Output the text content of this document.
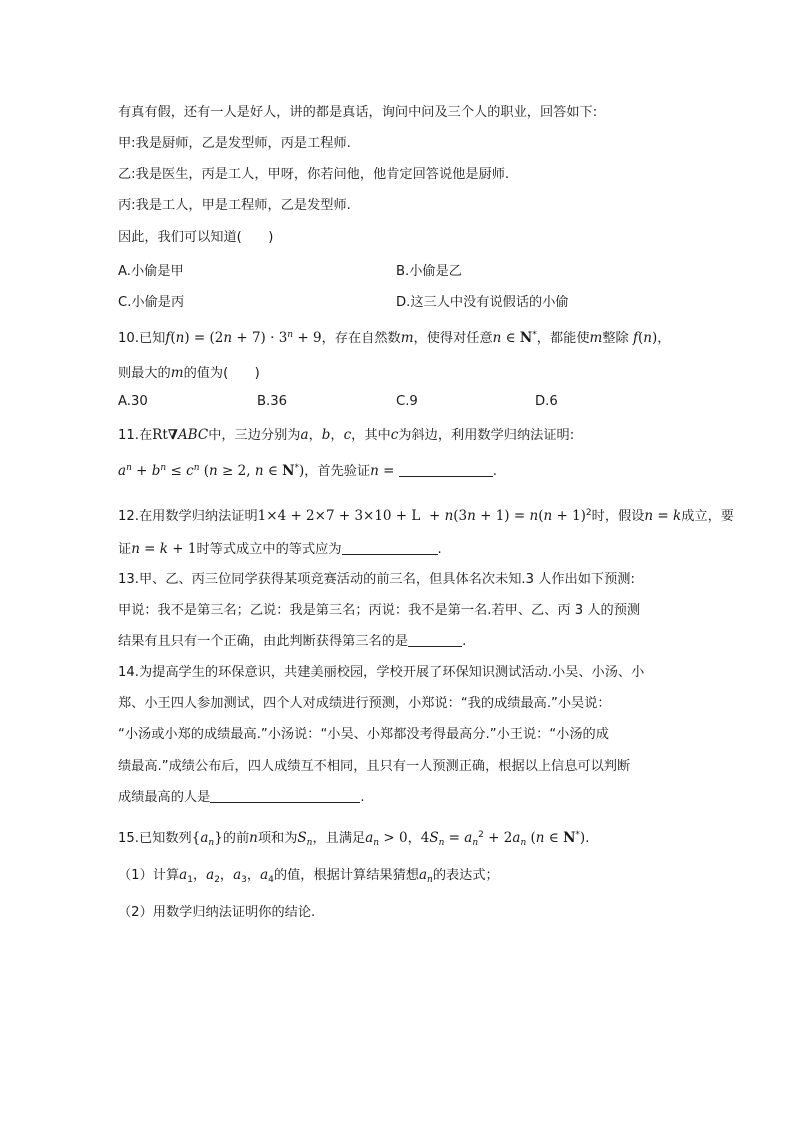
有真有假，还有一人是好人，讲的都是真话，询问中问及三个人的职业，回答如下:
甲:我是厨师，乙是发型师，丙是工程师.
乙:我是医生，丙是工人，甲呀，你若问他，他肯定回答说他是厨师.
丙:我是工人，甲是工程师，乙是发型师.
因此，我们可以知道(　　)
A.小偷是甲	B.小偷是乙
C.小偷是丙	D.这三人中没有说假话的小偷
10.已知$f(n) = (2n + 7) \cdot 3^n + 9$，存在自然数m，使得对任意n ∈ N*，都能使m整除 f(n)，
则最大的m的值为(　　)
A.30	B.36	C.9	D.6
11.在Rt∇ABC中，三边分别为a，b，c，其中c为斜边，利用数学归纳法证明:
$a^n + b^n \le c^n$ (n ≥ 2, n ∈ N*)，首先验证n =	.
12.在用数学归纳法证明$1\times 4 + 2\times 7 + 3\times 10 + L + n(3n + 1) = n(n + 1)^2$时，假设n = k成立，要
证n = k + 1时等式成立中的等式应为	.
13.甲、乙、丙三位同学获得某项竞赛活动的前三名，但具体名次未知.3 人作出如下预测:
甲说：我不是第三名；乙说：我是第三名；丙说：我不是第一名.若甲、乙、丙 3 人的预测
结果有且只有一个正确，由此判断获得第三名的是	.
14.为提高学生的环保意识，共建美丽校园，学校开展了环保知识测试活动.小吴、小汤、小
郑、小王四人参加测试，四个人对成绩进行预测，小郑说：“我的成绩最高.”小吴说：
“小汤或小郑的成绩最高.”小汤说：“小吴、小郑都没考得最高分.”小王说：“小汤的成
绩最高.”成绩公布后，四人成绩互不相同，且只有一人预测正确，根据以上信息可以判断
成绩最高的人是	.
15.已知数列$\{a_n\}$的前n项和为$S_n$，且满足$a_n > 0$，$4S_n = a_n^2 + 2a_n$ (n ∈ N*).
（1）计算$a_1$，$a_2$，$a_3$，$a_4$的值，根据计算结果猜想$a_n$的表达式；
（2）用数学归纳法证明你的结论.
